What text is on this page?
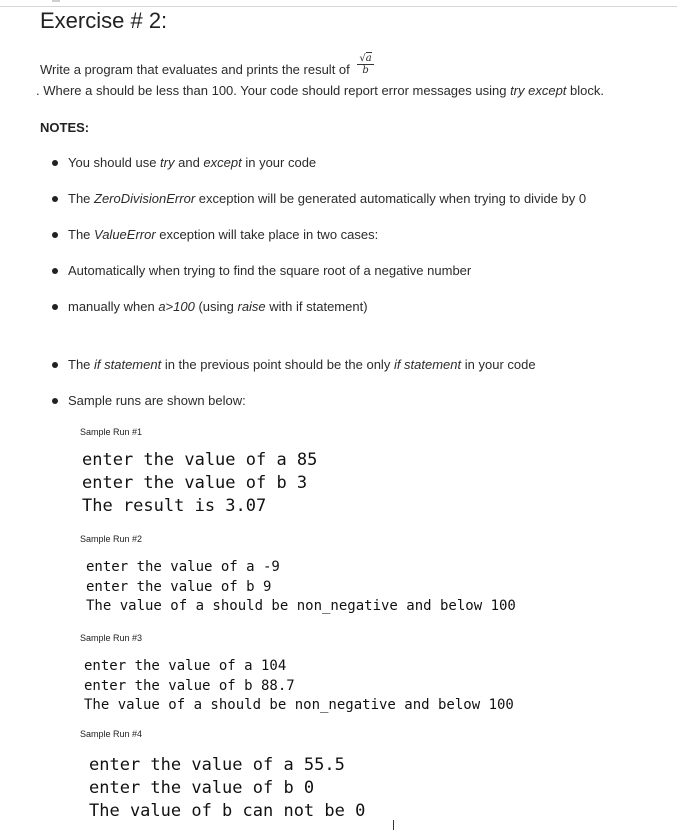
Exercise # 2:
Write a program that evaluates and prints the result of $\frac{√a}{b}$
. Where a should be less than 100. Your code should report error messages using try except block.
NOTES:
You should use try and except in your code
The ZeroDivisionError exception will be generated automatically when trying to divide by 0
The ValueError exception will take place in two cases:
Automatically when trying to find the square root of a negative number
manually when a>100 (using raise with if statement)
The if statement in the previous point should be the only if statement in your code
Sample runs are shown below:
Sample Run #1
enter the value of a 85
enter the value of b 3
The result is 3.07
Sample Run #2
enter the value of a -9
enter the value of b 9
The value of a should be non_negative and below 100
Sample Run #3
enter the value of a 104
enter the value of b 88.7
The value of a should be non_negative and below 100
Sample Run #4
enter the value of a 55.5
enter the value of b 0
The value of b can not be 0
